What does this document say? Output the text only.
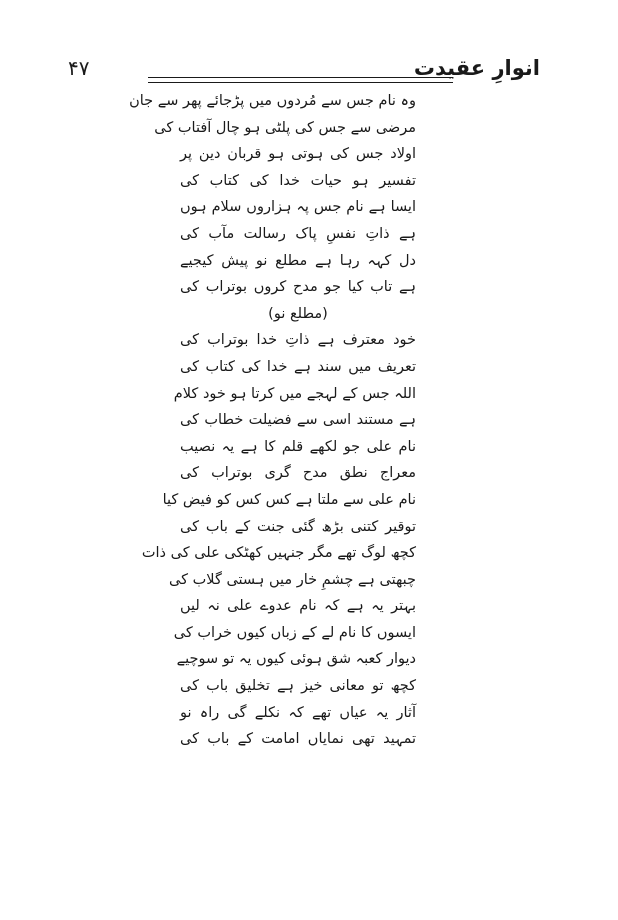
۴۷	انوارِ عقیدت
وہ نام جس سے مُردوں میں پڑجائے پھر سے جان
مرضی سے جس کی پلٹی ہو چال آفتاب کی
اولاد جس کی ہوتی ہو قربان دین پر
تفسیر ہو حیات خدا کی کتاب کی
ایسا ہے نام جس پہ ہزاروں سلام ہوں
ہے ذاتِ نفسِ پاک رسالت مآب کی
دل کہہ رہا ہے مطلع نو پیش کیجیے
ہے تاب کیا جو مدح کروں بوتراب کی
(مطلع نو)
خود معترف ہے ذاتِ خدا بوتراب کی
تعریف میں سند ہے خدا کی کتاب کی
اللہ جس کے لہجے میں کرتا ہو خود کلام
ہے مستند اسی سے فضیلت خطاب کی
نام علی جو لکھے قلم کا ہے یہ نصیب
معراج نطق مدح گری بوتراب کی
نام علی سے ملتا ہے کس کس کو فیض کیا
توقیر کتنی بڑھ گئی جنت کے باب کی
کچھ لوگ تھے مگر جنہیں کھٹکی علی کی ذات
چبھتی ہے چشمِ خار میں ہستی گلاب کی
بہتر یہ ہے کہ نام عدوے علی نہ لیں
ایسوں کا نام لے کے زباں کیوں خراب کی
دیوار کعبہ شق ہوئی کیوں یہ تو سوچیے
کچھ تو معانی خیز ہے تخلیق باب کی
آثار یہ عیاں تھے کہ نکلے گی راہ نو
تمہید تھی نمایاں امامت کے باب کی
